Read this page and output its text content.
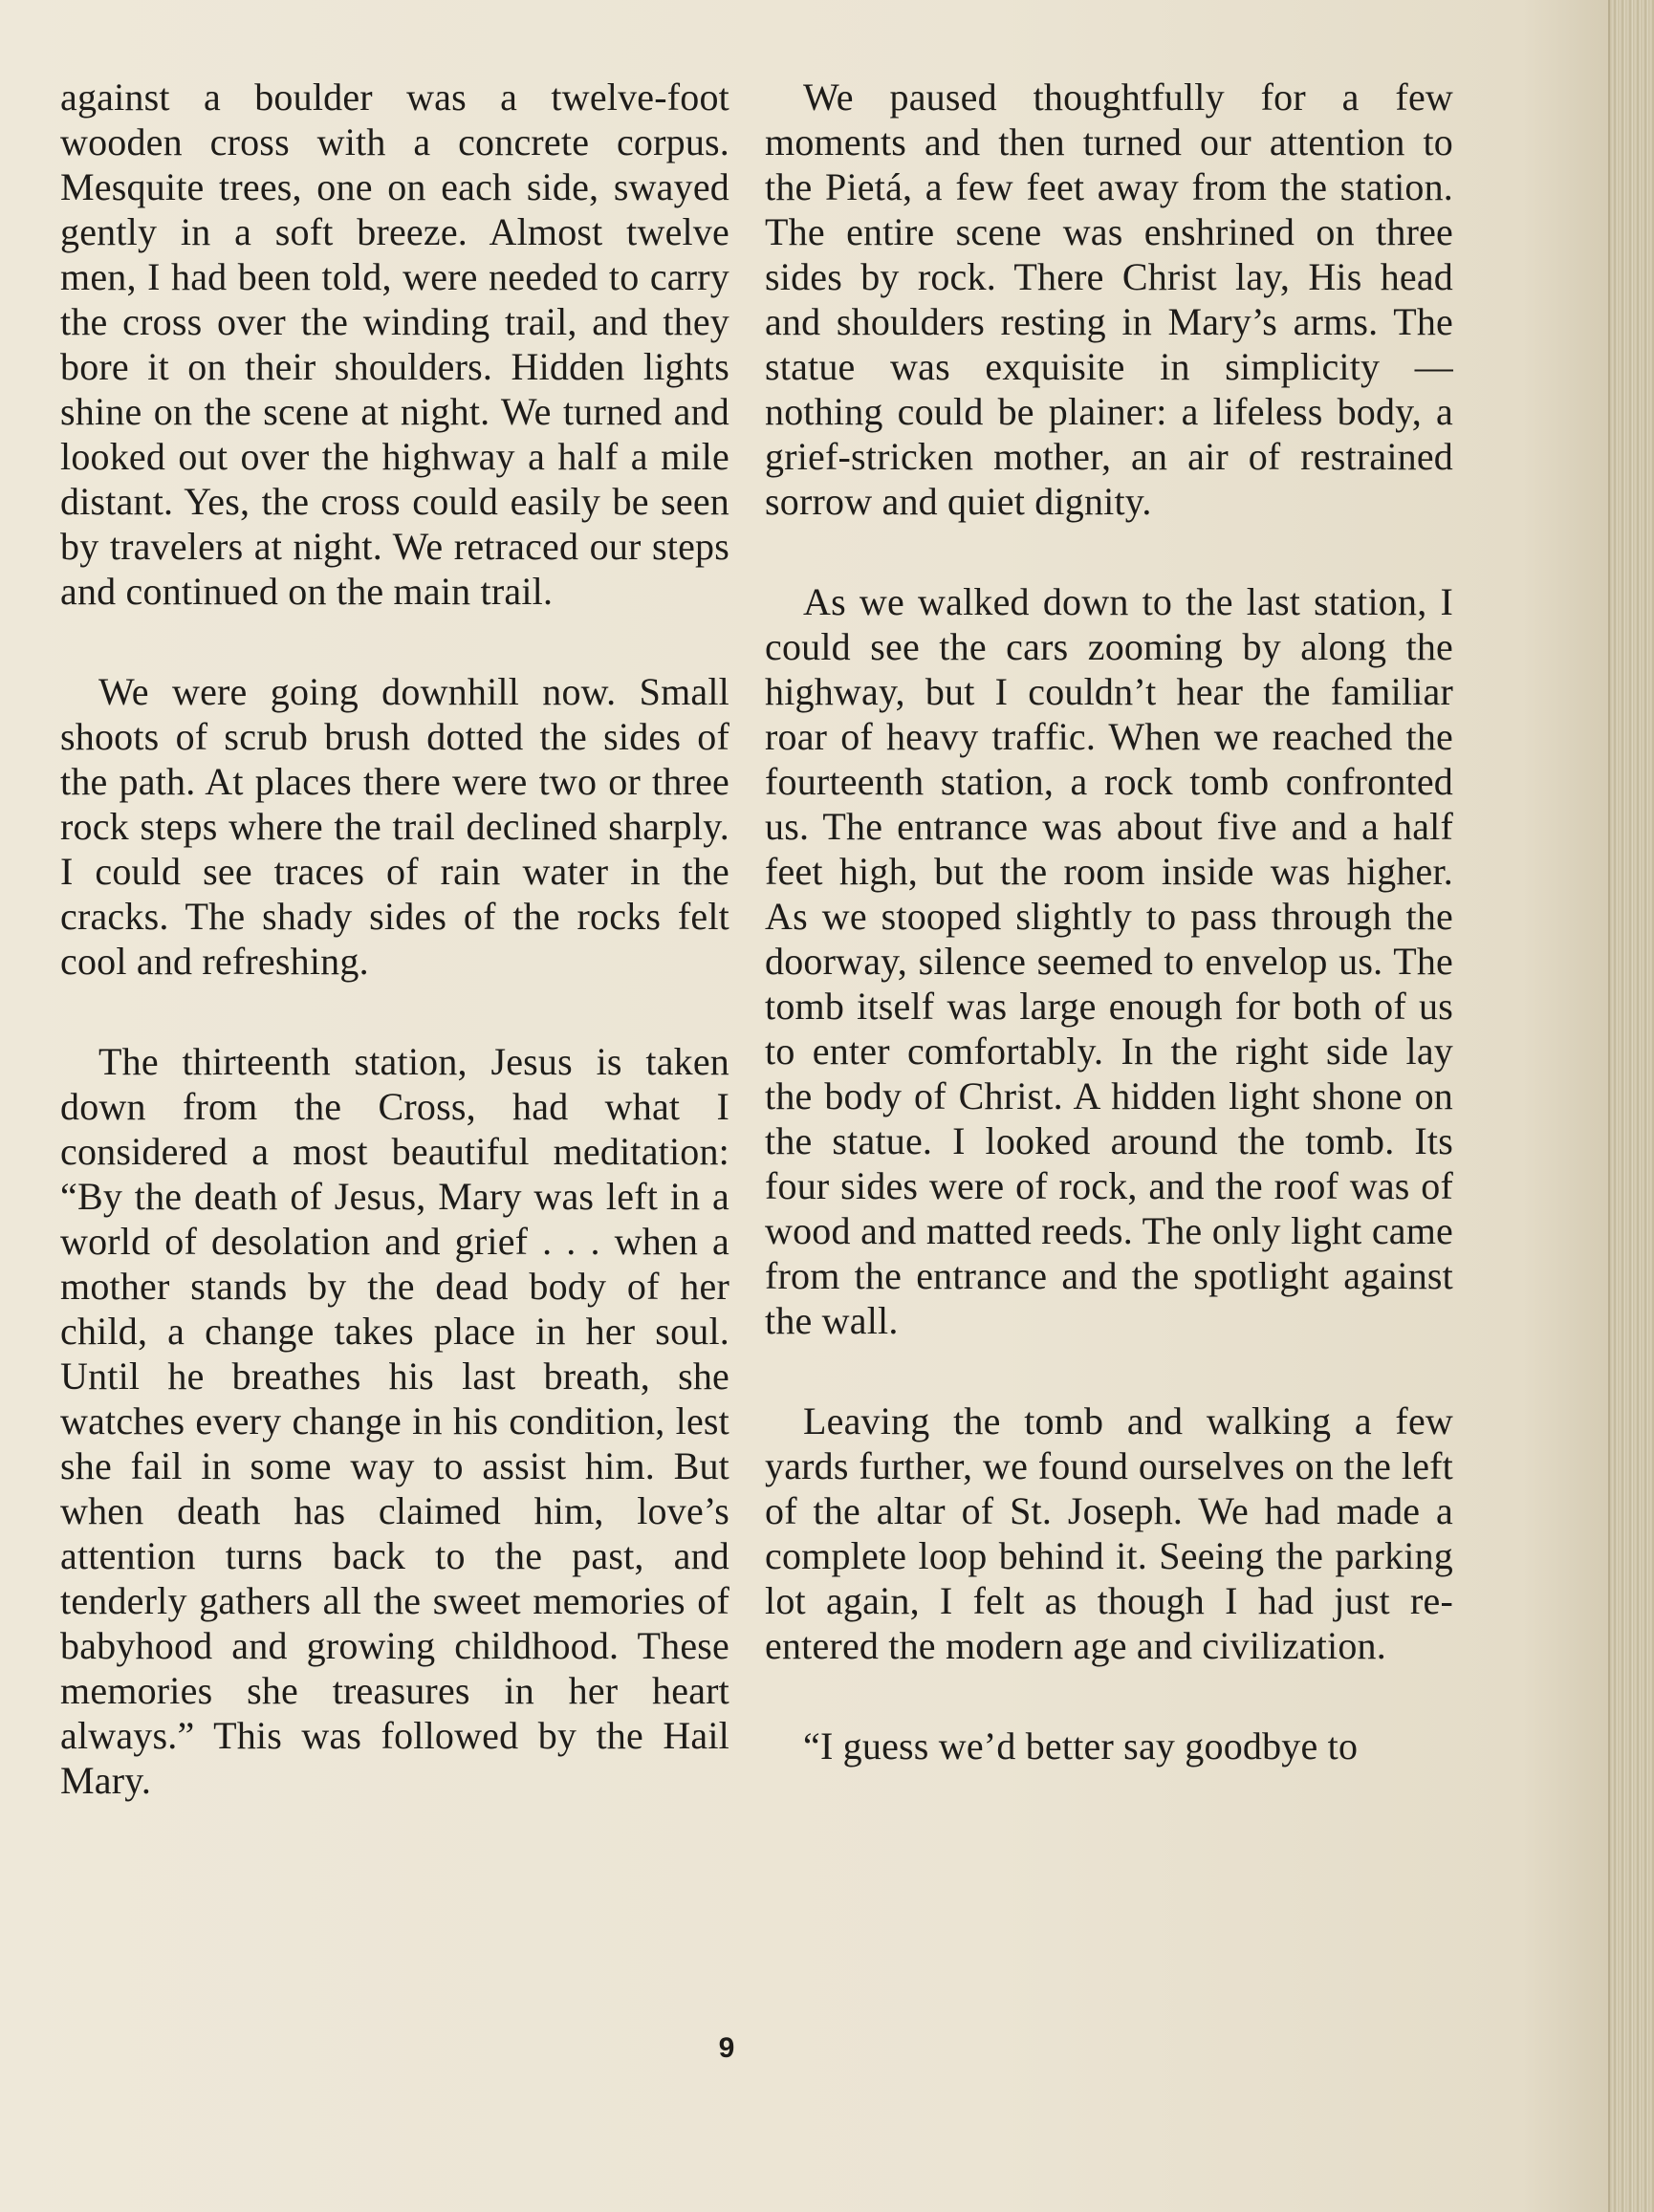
against a boulder was a twelve-foot wooden cross with a concrete corpus. Mesquite trees, one on each side, swayed gently in a soft breeze. Almost twelve men, I had been told, were needed to carry the cross over the winding trail, and they bore it on their shoulders. Hidden lights shine on the scene at night. We turned and looked out over the highway a half a mile distant. Yes, the cross could easily be seen by travelers at night. We retraced our steps and continued on the main trail.

We were going downhill now. Small shoots of scrub brush dotted the sides of the path. At places there were two or three rock steps where the trail declined sharply. I could see traces of rain water in the cracks. The shady sides of the rocks felt cool and refreshing.

The thirteenth station, Jesus is taken down from the Cross, had what I considered a most beautiful meditation: “By the death of Jesus, Mary was left in a world of desolation and grief . . . when a mother stands by the dead body of her child, a change takes place in her soul. Until he breathes his last breath, she watches every change in his condition, lest she fail in some way to assist him. But when death has claimed him, love’s attention turns back to the past, and tenderly gathers all the sweet memories of babyhood and growing childhood. These memories she treasures in her heart always.” This was followed by the Hail Mary.

We paused thoughtfully for a few moments and then turned our attention to the Pietá, a few feet away from the station. The entire scene was enshrined on three sides by rock. There Christ lay, His head and shoulders resting in Mary’s arms. The statue was exquisite in simplicity — nothing could be plainer: a lifeless body, a grief-stricken mother, an air of restrained sorrow and quiet dignity.

As we walked down to the last station, I could see the cars zooming by along the highway, but I couldn’t hear the familiar roar of heavy traffic. When we reached the fourteenth station, a rock tomb confronted us. The entrance was about five and a half feet high, but the room inside was higher. As we stooped slightly to pass through the doorway, silence seemed to envelop us. The tomb itself was large enough for both of us to enter comfortably. In the right side lay the body of Christ. A hidden light shone on the statue. I looked around the tomb. Its four sides were of rock, and the roof was of wood and matted reeds. The only light came from the entrance and the spotlight against the wall.

Leaving the tomb and walking a few yards further, we found ourselves on the left of the altar of St. Joseph. We had made a complete loop behind it. Seeing the parking lot again, I felt as though I had just re-entered the modern age and civilization.

“I guess we’d better say goodbye to

9
